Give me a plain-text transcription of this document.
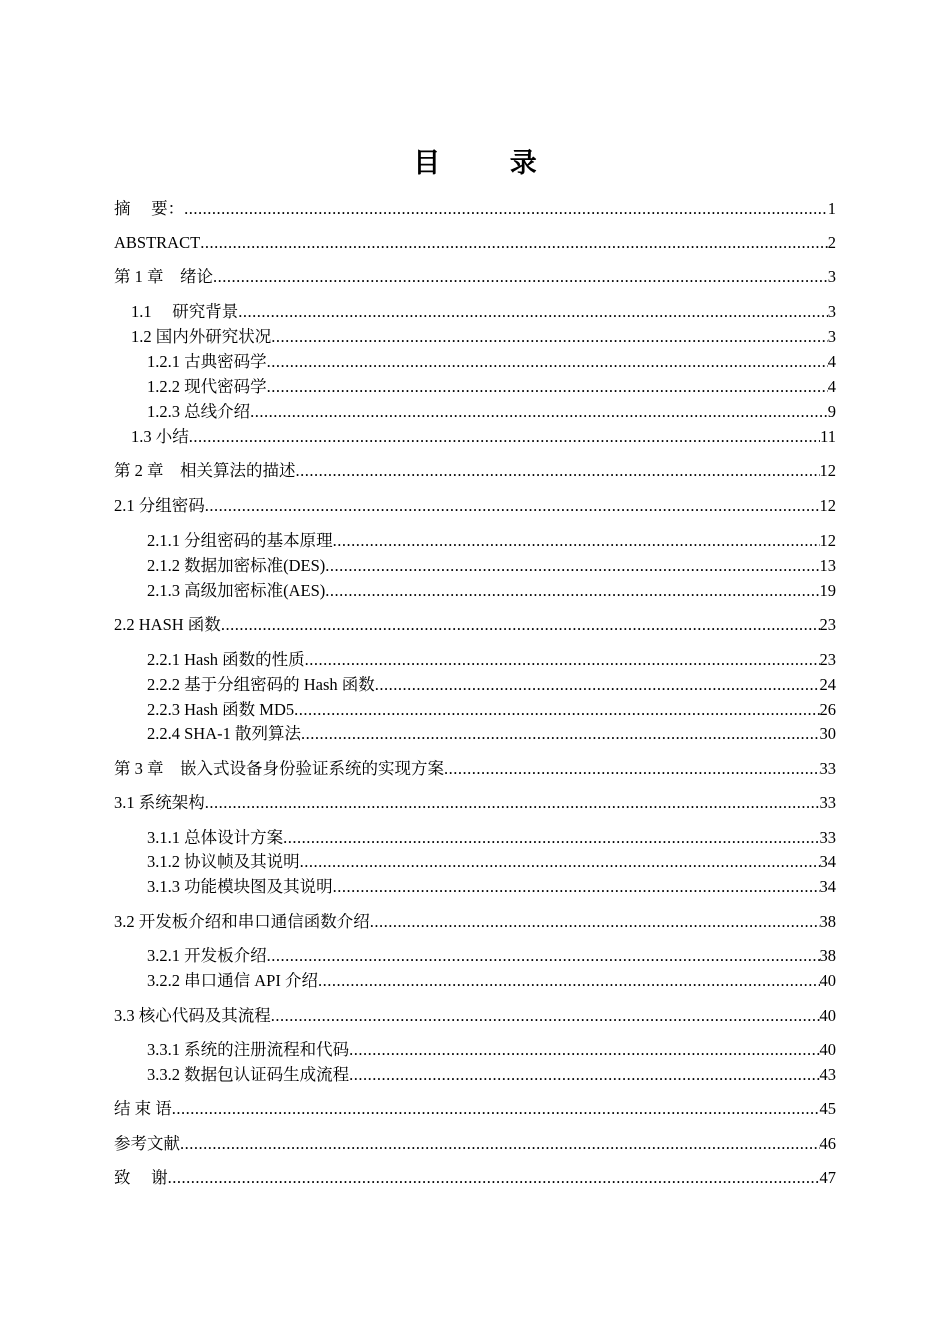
目 录
摘　 要： .....	1
ABSTRACT .....	2
第 1 章　绪论 .....	3
1.1　 研究背景 .....	3
1.2 国内外研究状况 .....	3
1.2.1 古典密码学 .....	4
1.2.2 现代密码学 .....	4
1.2.3 总线介绍 .....	9
1.3 小结 .....	11
第 2 章　相关算法的描述 .....	12
2.1 分组密码 .....	12
2.1.1 分组密码的基本原理 .....	12
2.1.2 数据加密标准(DES) .....	13
2.1.3 高级加密标准(AES) .....	19
2.2 HASH 函数 .....	23
2.2.1 Hash 函数的性质 .....	23
2.2.2 基于分组密码的 Hash 函数 .....	24
2.2.3 Hash 函数 MD5 .....	26
2.2.4 SHA-1 散列算法 .....	30
第 3 章　嵌入式设备身份验证系统的实现方案 .....	33
3.1 系统架构 .....	33
3.1.1 总体设计方案 .....	33
3.1.2 协议帧及其说明 .....	34
3.1.3 功能模块图及其说明 .....	34
3.2 开发板介绍和串口通信函数介绍 .....	38
3.2.1 开发板介绍 .....	38
3.2.2 串口通信 API 介绍 .....	40
3.3 核心代码及其流程 .....	40
3.3.1 系统的注册流程和代码 .....	40
3.3.2 数据包认证码生成流程 .....	43
结 束 语 .....	45
参考文献 .....	46
致　 谢 .....	47
